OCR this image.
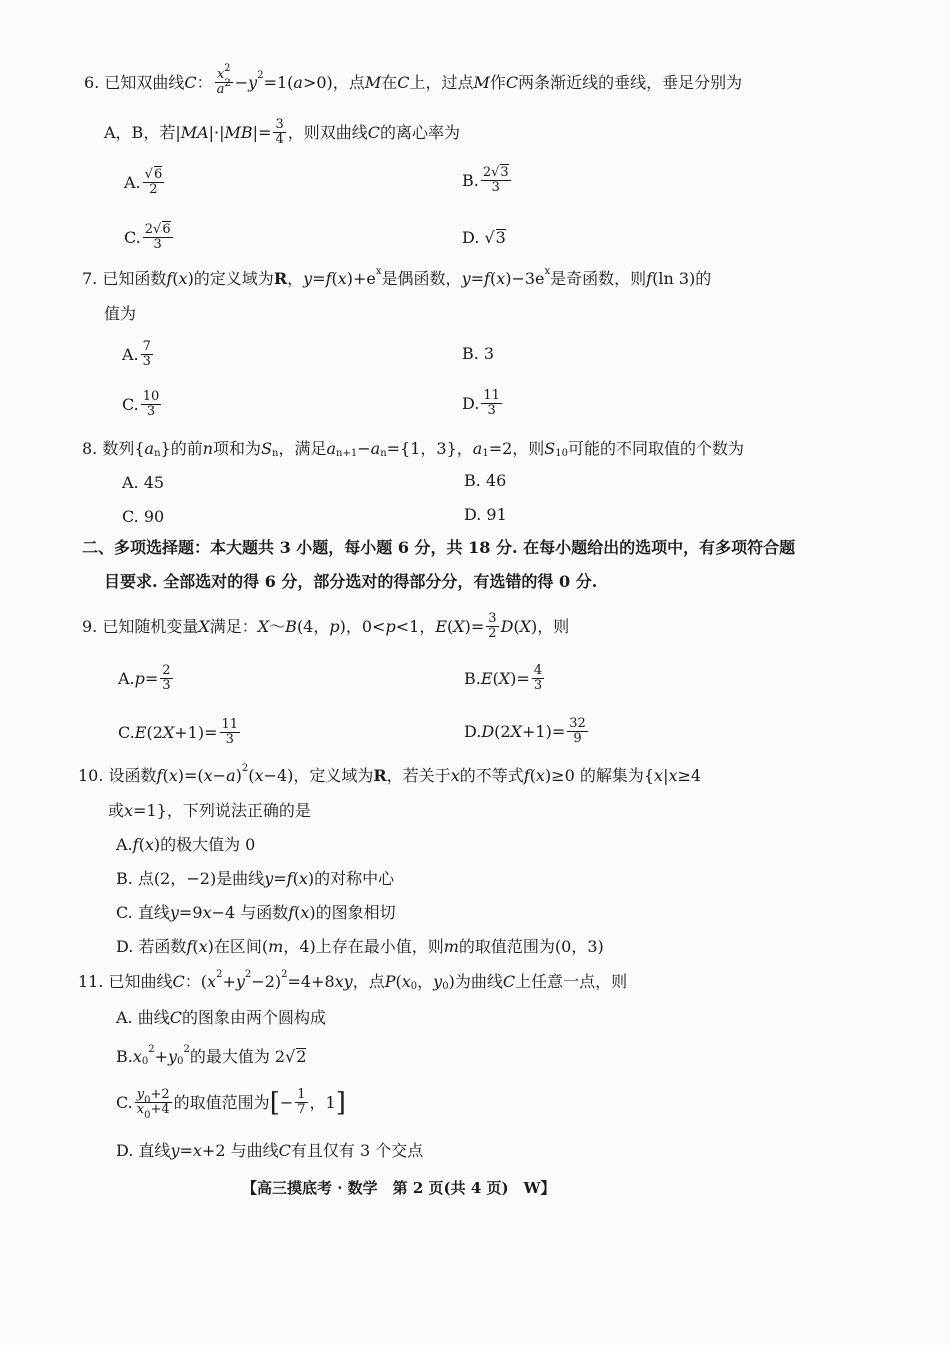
6. 已知双曲线 C ： $\frac{x^2}{a^2} - y$ 2 =1( a >0)，点 M 在 C 上，过点 M 作 C 两条渐近线的垂线，垂足分别为
A，B，若| MA |·| MB |= $\frac{3}{4}$ ，则双曲线 C 的离心率为
A. $\frac{√6}{2}$	B. $\frac{2√3}{3}$
C. $\frac{2√6}{3}$	D. √ 3
7. 已知函数 f ( x )的定义域为 R ， y = f ( x )+e x 是偶函数， y = f ( x )−3e x 是奇函数，则 f (ln 3)的
值为
A. $\frac{7}{3}$	B. 3
C. $\frac{10}{3}$	D. $\frac{11}{3}$
8. 数列{ a n }的前 n 项和为 S n ，满足 a n+1 − a n ={1，3}， a 1 =2，则 S 10 可能的不同取值的个数为
A. 45	B. 46
C. 90	D. 91
二、多项选择题：本大题共 3 小题，每小题 6 分，共 18 分. 在每小题给出的选项中，有多项符合题
目要求. 全部选对的得 6 分，部分选对的得部分分，有选错的得 0 分.
9. 已知随机变量 X 满足： X ～ B (4， p )，0< p <1， E ( X )= $\frac{3}{2}$ D ( X )，则
A. $p = \frac{2}{3}$	B. E ( X )= $\frac{4}{3}$
C. E (2 $X +1)= \frac{11}{3}$	D. D (2 $X +1)= \frac{32}{9}$
10. 设函数 f ( x )=( x − a ) 2 ( x −4)，定义域为 R ，若关于 x 的不等式 f ( x )≥0 的解集为{ x | x ≥4
或 x =1}，下列说法正确的是
A. f ( x )的极大值为 0
B. 点(2，−2)是曲线 y = f ( x )的对称中心
C. 直线 y =9 x −4 与函数 f ( x )的图象相切
D. 若函数 f ( x )在区间( m ，4)上存在最小值，则 m 的取值范围为(0，3)
11. 已知曲线 C ：( x 2 + y 2 −2) 2 =4+8 xy ，点 P ( x 0 ， y 0 )为曲线 C 上任意一点，则
A. 曲线 C 的图象由两个圆构成
B. x 0
2 + y 0
2 的最大值为 2√ 2
C. $\frac{y_0+2}{x_0+4}$ 的取值范围为 [ − $\frac{1}{7}$ ，1 ]
D. 直线 y = x +2 与曲线 C 有且仅有 3 个交点
【高三摸底考 · 数学　第 2 页(共 4 页)　W】
